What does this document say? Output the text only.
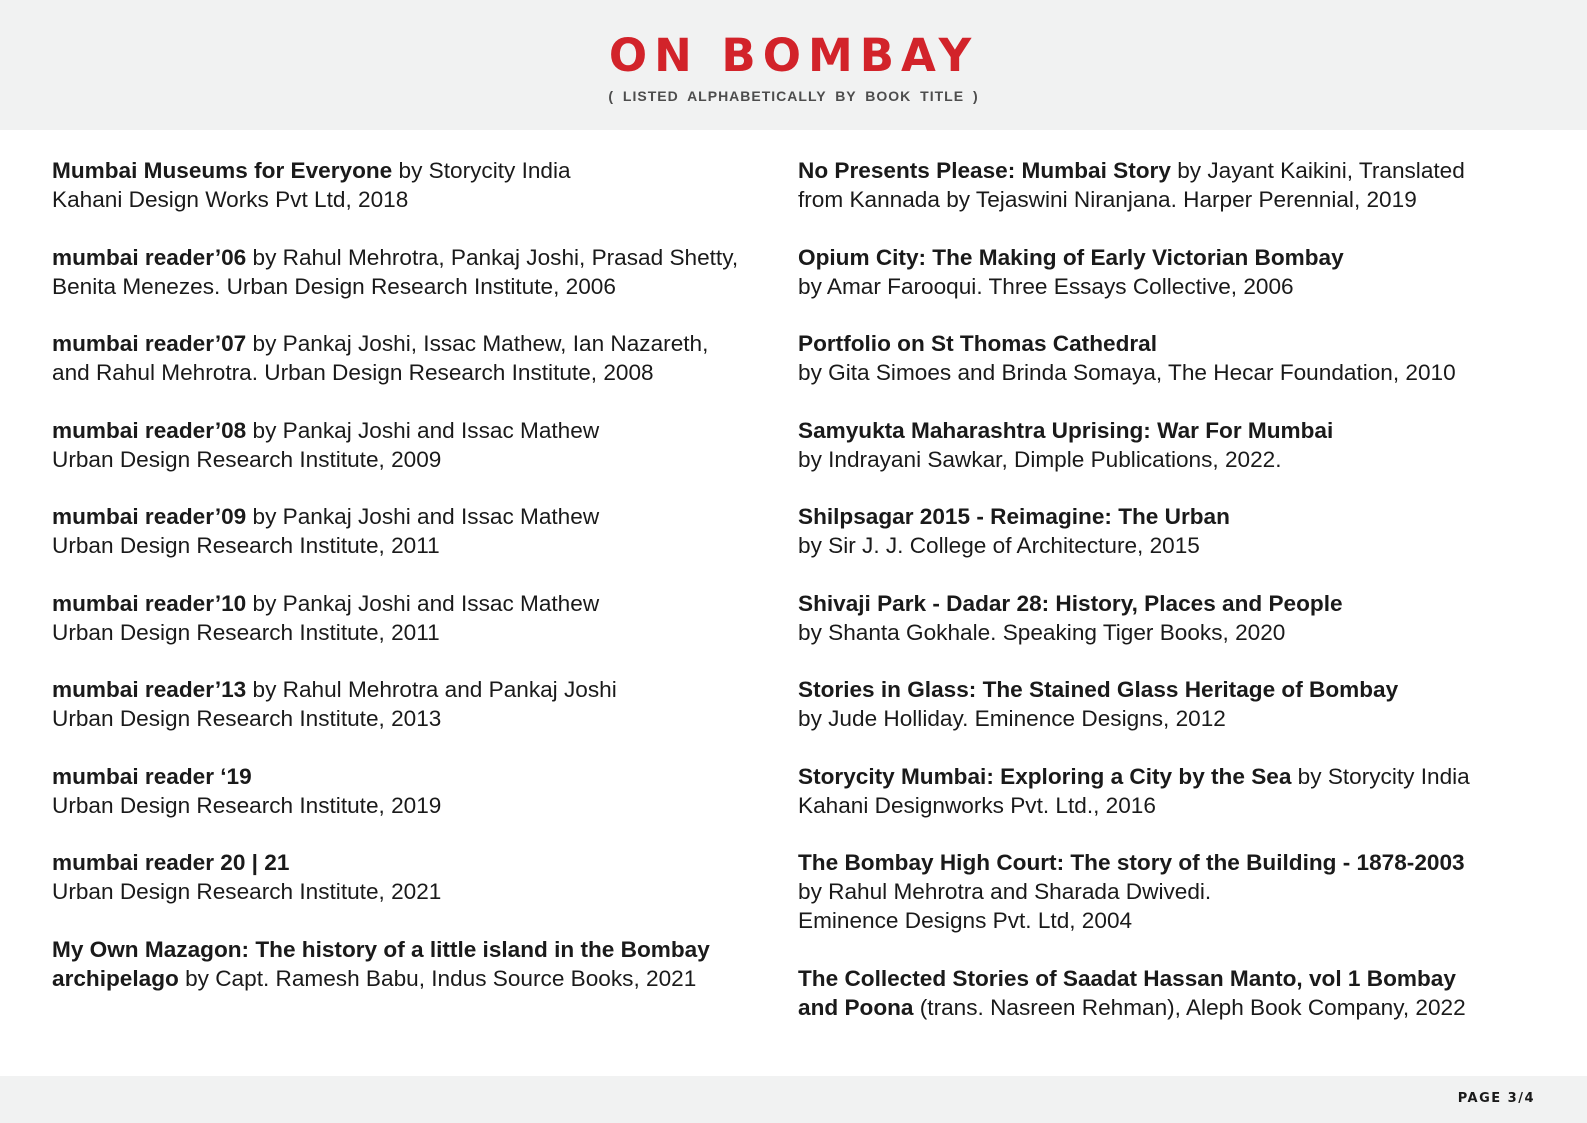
ON BOMBAY
( LISTED ALPHABETICALLY BY BOOK TITLE )
Mumbai Museums for Everyone by Storycity India
Kahani Design Works Pvt Ltd, 2018
mumbai reader’06 by Rahul Mehrotra, Pankaj Joshi, Prasad Shetty,
Benita Menezes. Urban Design Research Institute, 2006
mumbai reader’07 by Pankaj Joshi, Issac Mathew, Ian Nazareth,
and Rahul Mehrotra. Urban Design Research Institute, 2008
mumbai reader’08 by Pankaj Joshi and Issac Mathew
Urban Design Research Institute, 2009
mumbai reader’09 by Pankaj Joshi and Issac Mathew
Urban Design Research Institute, 2011
mumbai reader’10 by Pankaj Joshi and Issac Mathew
Urban Design Research Institute, 2011
mumbai reader’13 by Rahul Mehrotra and Pankaj Joshi
Urban Design Research Institute, 2013
mumbai reader ‘19
Urban Design Research Institute, 2019
mumbai reader 20 | 21
Urban Design Research Institute, 2021
My Own Mazagon: The history of a little island in the Bombay
archipelago by Capt. Ramesh Babu, Indus Source Books, 2021
No Presents Please: Mumbai Story by Jayant Kaikini, Translated
from Kannada by Tejaswini Niranjana. Harper Perennial, 2019
Opium City: The Making of Early Victorian Bombay
by Amar Farooqui. Three Essays Collective, 2006
Portfolio on St Thomas Cathedral
by Gita Simoes and Brinda Somaya, The Hecar Foundation, 2010
Samyukta Maharashtra Uprising: War For Mumbai
by Indrayani Sawkar, Dimple Publications, 2022.
Shilpsagar 2015 - Reimagine: The Urban
by Sir J. J. College of Architecture, 2015
Shivaji Park - Dadar 28: History, Places and People
by Shanta Gokhale. Speaking Tiger Books, 2020
Stories in Glass: The Stained Glass Heritage of Bombay
by Jude Holliday. Eminence Designs, 2012
Storycity Mumbai: Exploring a City by the Sea by Storycity India
Kahani Designworks Pvt. Ltd., 2016
The Bombay High Court: The story of the Building - 1878-2003
by Rahul Mehrotra and Sharada Dwivedi.
Eminence Designs Pvt. Ltd, 2004
The Collected Stories of Saadat Hassan Manto, vol 1 Bombay
and Poona (trans. Nasreen Rehman), Aleph Book Company, 2022
PAGE 3/4
